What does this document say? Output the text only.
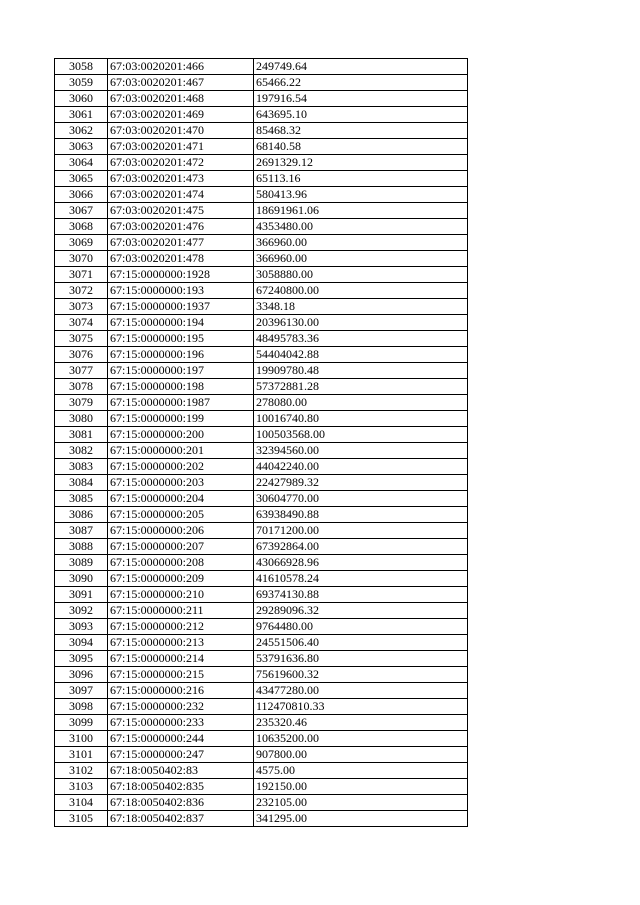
3058	67:03:0020201:466	249749.64
3059	67:03:0020201:467	65466.22
3060	67:03:0020201:468	197916.54
3061	67:03:0020201:469	643695.10
3062	67:03:0020201:470	85468.32
3063	67:03:0020201:471	68140.58
3064	67:03:0020201:472	2691329.12
3065	67:03:0020201:473	65113.16
3066	67:03:0020201:474	580413.96
3067	67:03:0020201:475	18691961.06
3068	67:03:0020201:476	4353480.00
3069	67:03:0020201:477	366960.00
3070	67:03:0020201:478	366960.00
3071	67:15:0000000:1928	3058880.00
3072	67:15:0000000:193	67240800.00
3073	67:15:0000000:1937	3348.18
3074	67:15:0000000:194	20396130.00
3075	67:15:0000000:195	48495783.36
3076	67:15:0000000:196	54404042.88
3077	67:15:0000000:197	19909780.48
3078	67:15:0000000:198	57372881.28
3079	67:15:0000000:1987	278080.00
3080	67:15:0000000:199	10016740.80
3081	67:15:0000000:200	100503568.00
3082	67:15:0000000:201	32394560.00
3083	67:15:0000000:202	44042240.00
3084	67:15:0000000:203	22427989.32
3085	67:15:0000000:204	30604770.00
3086	67:15:0000000:205	63938490.88
3087	67:15:0000000:206	70171200.00
3088	67:15:0000000:207	67392864.00
3089	67:15:0000000:208	43066928.96
3090	67:15:0000000:209	41610578.24
3091	67:15:0000000:210	69374130.88
3092	67:15:0000000:211	29289096.32
3093	67:15:0000000:212	9764480.00
3094	67:15:0000000:213	24551506.40
3095	67:15:0000000:214	53791636.80
3096	67:15:0000000:215	75619600.32
3097	67:15:0000000:216	43477280.00
3098	67:15:0000000:232	112470810.33
3099	67:15:0000000:233	235320.46
3100	67:15:0000000:244	10635200.00
3101	67:15:0000000:247	907800.00
3102	67:18:0050402:83	4575.00
3103	67:18:0050402:835	192150.00
3104	67:18:0050402:836	232105.00
3105	67:18:0050402:837	341295.00
